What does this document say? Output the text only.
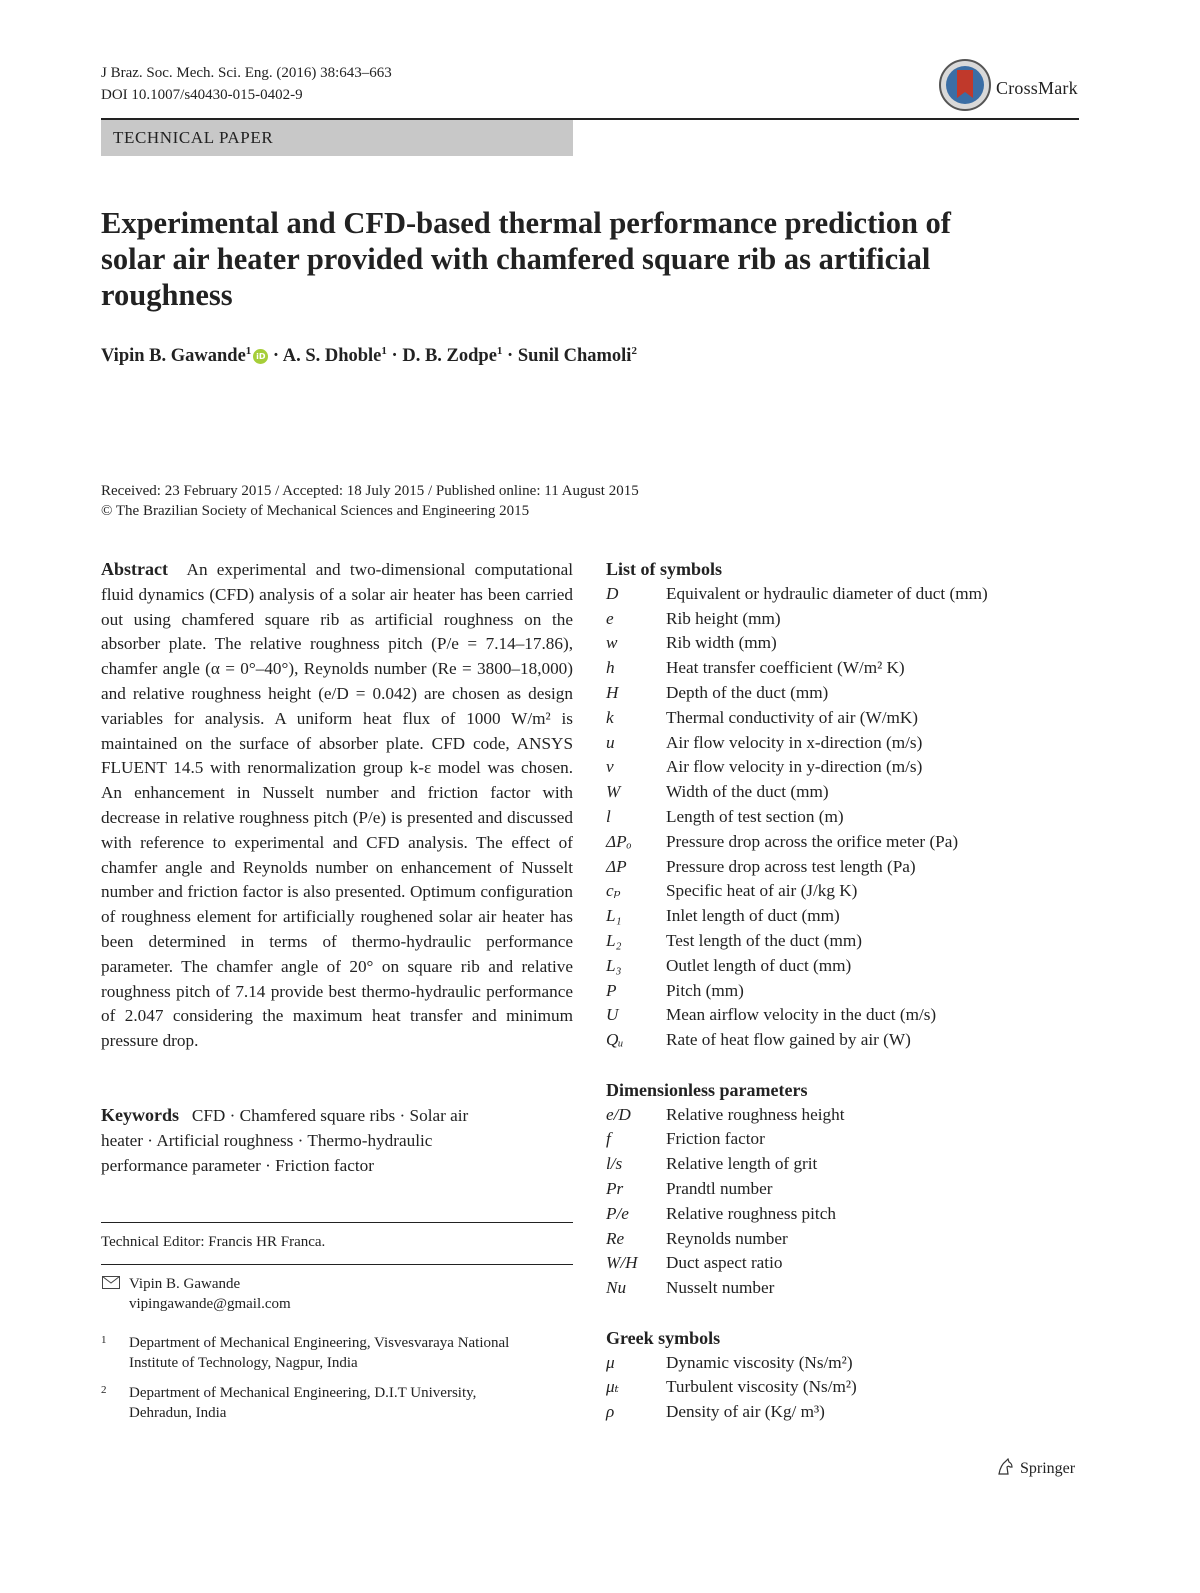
J Braz. Soc. Mech. Sci. Eng. (2016) 38:643–663
DOI 10.1007/s40430-015-0402-9	CrossMark
TECHNICAL PAPER
Experimental and CFD-based thermal performance prediction of solar air heater provided with chamfered square rib as artificial roughness
Vipin B. Gawande$^1$ iD · A. S. Dhoble$^1$ · D. B. Zodpe$^1$ · Sunil Chamoli$^2$
Received: 23 February 2015 / Accepted: 18 July 2015 / Published online: 11 August 2015
© The Brazilian Society of Mechanical Sciences and Engineering 2015
Abstract An experimental and two-dimensional computational fluid dynamics (CFD) analysis of a solar air heater has been carried out using chamfered square rib as artificial roughness on the absorber plate. The relative roughness pitch (P/e = 7.14–17.86), chamfer angle (α = 0°–40°), Reynolds number (Re = 3800–18,000) and relative roughness height (e/D = 0.042) are chosen as design variables for analysis. A uniform heat flux of 1000 W/m² is maintained on the surface of absorber plate. CFD code, ANSYS FLUENT 14.5 with renormalization group k-ε model was chosen. An enhancement in Nusselt number and friction factor with decrease in relative roughness pitch (P/e) is presented and discussed with reference to experimental and CFD analysis. The effect of chamfer angle and Reynolds number on enhancement of Nusselt number and friction factor is also presented. Optimum configuration of roughness element for artificially roughened solar air heater has been determined in terms of thermo-hydraulic performance parameter. The chamfer angle of 20° on square rib and relative roughness pitch of 7.14 provide best thermo-hydraulic performance of 2.047 considering the maximum heat transfer and minimum pressure drop.
Keywords CFD · Chamfered square ribs · Solar air heater · Artificial roughness · Thermo-hydraulic performance parameter · Friction factor
Technical Editor: Francis HR Franca.
Vipin B. Gawande
vipingawande@gmail.com
1	Department of Mechanical Engineering, Visvesvaraya National Institute of Technology, Nagpur, India
2	Department of Mechanical Engineering, D.I.T University, Dehradun, India
List of symbols
D	Equivalent or hydraulic diameter of duct (mm)
e	Rib height (mm)
w	Rib width (mm)
h	Heat transfer coefficient (W/m² K)
H	Depth of the duct (mm)
k	Thermal conductivity of air (W/mK)
u	Air flow velocity in x-direction (m/s)
v	Air flow velocity in y-direction (m/s)
W	Width of the duct (mm)
l	Length of test section (m)
ΔPₒ	Pressure drop across the orifice meter (Pa)
ΔP	Pressure drop across test length (Pa)
cₚ	Specific heat of air (J/kg K)
L₁	Inlet length of duct (mm)
L₂	Test length of the duct (mm)
L₃	Outlet length of duct (mm)
P	Pitch (mm)
U	Mean airflow velocity in the duct (m/s)
Qᵤ	Rate of heat flow gained by air (W)
Dimensionless parameters
e/D	Relative roughness height
f	Friction factor
l/s	Relative length of grit
Pr	Prandtl number
P/e	Relative roughness pitch
Re	Reynolds number
W/H	Duct aspect ratio
Nu	Nusselt number
Greek symbols
μ	Dynamic viscosity (Ns/m²)
μₜ	Turbulent viscosity (Ns/m²)
ρ	Density of air (Kg/ m³)
Springer
